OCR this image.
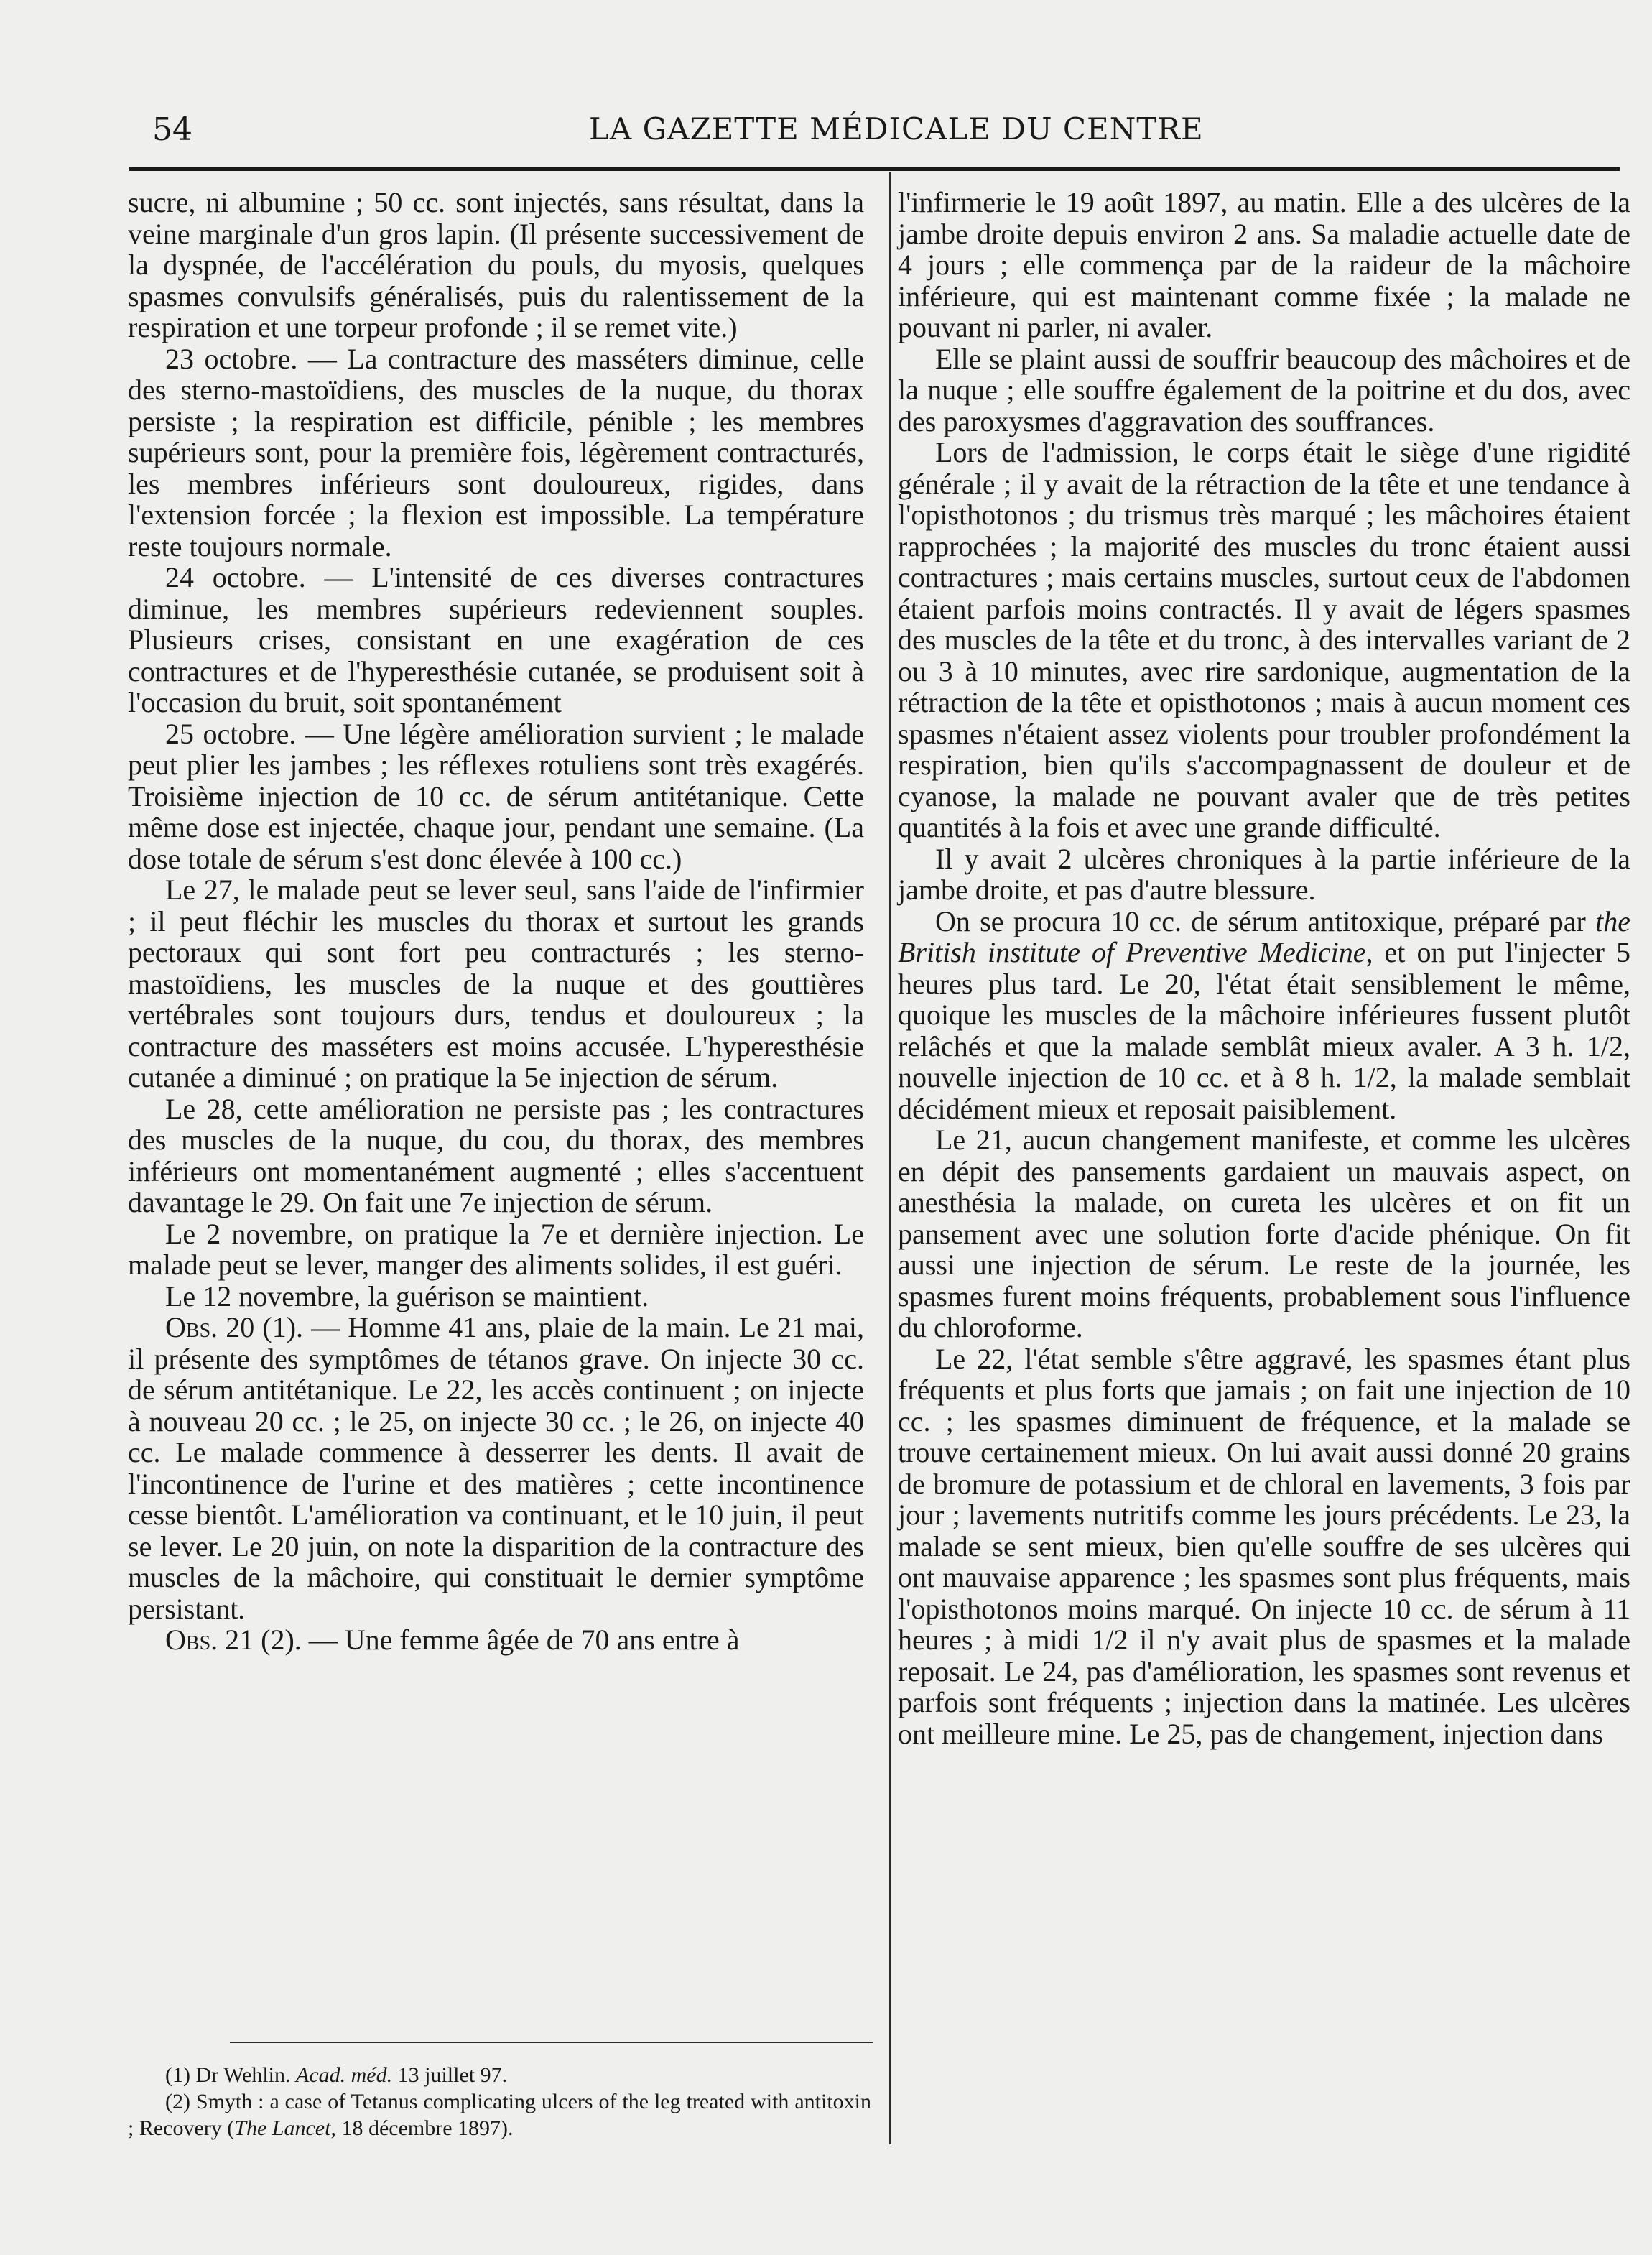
54	LA GAZETTE MÉDICALE DU CENTRE

sucre, ni albumine ; 50 cc. sont injectés, sans résultat, dans la veine marginale d'un gros lapin. (Il présente successivement de la dyspnée, de l'accélération du pouls, du myosis, quelques spasmes convulsifs généralisés, puis du ralentissement de la respiration et une torpeur profonde ; il se remet vite.)

23 octobre. — La contracture des masséters diminue, celle des sterno-mastoïdiens, des muscles de la nuque, du thorax persiste ; la respiration est difficile, pénible ; les membres supérieurs sont, pour la première fois, légèrement contracturés, les membres inférieurs sont douloureux, rigides, dans l'extension forcée ; la flexion est impossible. La température reste toujours normale.

24 octobre. — L'intensité de ces diverses contractures diminue, les membres supérieurs redeviennent souples. Plusieurs crises, consistant en une exagération de ces contractures et de l'hyperesthésie cutanée, se produisent soit à l'occasion du bruit, soit spontanément

25 octobre. — Une légère amélioration survient ; le malade peut plier les jambes ; les réflexes rotuliens sont très exagérés. Troisième injection de 10 cc. de sérum antitétanique. Cette même dose est injectée, chaque jour, pendant une semaine. (La dose totale de sérum s'est donc élevée à 100 cc.)

Le 27, le malade peut se lever seul, sans l'aide de l'infirmier ; il peut fléchir les muscles du thorax et surtout les grands pectoraux qui sont fort peu contracturés ; les sterno-mastoïdiens, les muscles de la nuque et des gouttières vertébrales sont toujours durs, tendus et douloureux ; la contracture des masséters est moins accusée. L'hyperesthésie cutanée a diminué ; on pratique la 5e injection de sérum.

Le 28, cette amélioration ne persiste pas ; les contractures des muscles de la nuque, du cou, du thorax, des membres inférieurs ont momentanément augmenté ; elles s'accentuent davantage le 29. On fait une 7e injection de sérum.

Le 2 novembre, on pratique la 7e et dernière injection. Le malade peut se lever, manger des aliments solides, il est guéri.

Le 12 novembre, la guérison se maintient.

Obs. 20 (1). — Homme 41 ans, plaie de la main. Le 21 mai, il présente des symptômes de tétanos grave. On injecte 30 cc. de sérum antitétanique. Le 22, les accès continuent ; on injecte à nouveau 20 cc. ; le 25, on injecte 30 cc. ; le 26, on injecte 40 cc. Le malade commence à desserrer les dents. Il avait de l'incontinence de l'urine et des matières ; cette incontinence cesse bientôt. L'amélioration va continuant, et le 10 juin, il peut se lever. Le 20 juin, on note la disparition de la contracture des muscles de la mâchoire, qui constituait le dernier symptôme persistant.

Obs. 21 (2). — Une femme âgée de 70 ans entre à

(1) Dr Wehlin. Acad. méd. 13 juillet 97.

(2) Smyth : a case of Tetanus complicating ulcers of the leg treated with antitoxin ; Recovery (The Lancet, 18 décembre 1897).

l'infirmerie le 19 août 1897, au matin. Elle a des ulcères de la jambe droite depuis environ 2 ans. Sa maladie actuelle date de 4 jours ; elle commença par de la raideur de la mâchoire inférieure, qui est maintenant comme fixée ; la malade ne pouvant ni parler, ni avaler.

Elle se plaint aussi de souffrir beaucoup des mâchoires et de la nuque ; elle souffre également de la poitrine et du dos, avec des paroxysmes d'aggravation des souffrances.

Lors de l'admission, le corps était le siège d'une rigidité générale ; il y avait de la rétraction de la tête et une tendance à l'opisthotonos ; du trismus très marqué ; les mâchoires étaient rapprochées ; la majorité des muscles du tronc étaient aussi contractures ; mais certains muscles, surtout ceux de l'abdomen étaient parfois moins contractés. Il y avait de légers spasmes des muscles de la tête et du tronc, à des intervalles variant de 2 ou 3 à 10 minutes, avec rire sardonique, augmentation de la rétraction de la tête et opisthotonos ; mais à aucun moment ces spasmes n'étaient assez violents pour troubler profondément la respiration, bien qu'ils s'accompagnassent de douleur et de cyanose, la malade ne pouvant avaler que de très petites quantités à la fois et avec une grande difficulté.

Il y avait 2 ulcères chroniques à la partie inférieure de la jambe droite, et pas d'autre blessure.

On se procura 10 cc. de sérum antitoxique, préparé par the British institute of Preventive Medicine, et on put l'injecter 5 heures plus tard. Le 20, l'état était sensiblement le même, quoique les muscles de la mâchoire inférieures fussent plutôt relâchés et que la malade semblât mieux avaler. A 3 h. 1/2, nouvelle injection de 10 cc. et à 8 h. 1/2, la malade semblait décidément mieux et reposait paisiblement.

Le 21, aucun changement manifeste, et comme les ulcères en dépit des pansements gardaient un mauvais aspect, on anesthésia la malade, on cureta les ulcères et on fit un pansement avec une solution forte d'acide phénique. On fit aussi une injection de sérum. Le reste de la journée, les spasmes furent moins fréquents, probablement sous l'influence du chloroforme.

Le 22, l'état semble s'être aggravé, les spasmes étant plus fréquents et plus forts que jamais ; on fait une injection de 10 cc. ; les spasmes diminuent de fréquence, et la malade se trouve certainement mieux. On lui avait aussi donné 20 grains de bromure de potassium et de chloral en lavements, 3 fois par jour ; lavements nutritifs comme les jours précédents. Le 23, la malade se sent mieux, bien qu'elle souffre de ses ulcères qui ont mauvaise apparence ; les spasmes sont plus fréquents, mais l'opisthotonos moins marqué. On injecte 10 cc. de sérum à 11 heures ; à midi 1/2 il n'y avait plus de spasmes et la malade reposait. Le 24, pas d'amélioration, les spasmes sont revenus et parfois sont fréquents ; injection dans la matinée. Les ulcères ont meilleure mine. Le 25, pas de changement, injection dans
